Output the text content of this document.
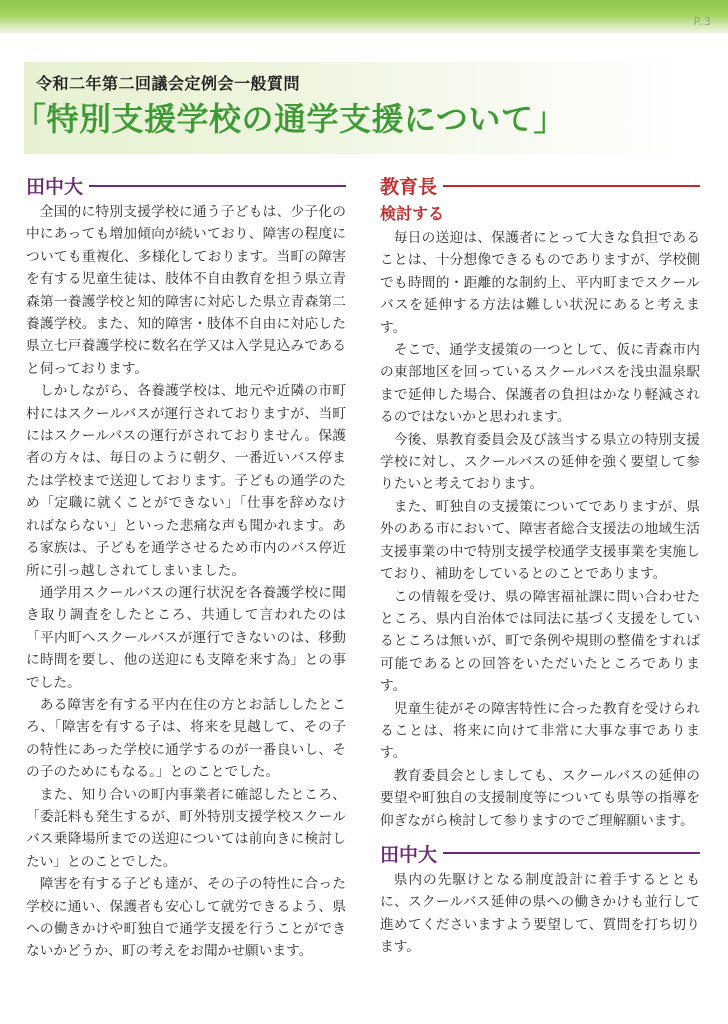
P.3
令和二年第二回議会定例会一般質問
「特別支援学校の通学支援について」
田中大

全国的に特別支援学校に通う子どもは、少子化の中にあっても増加傾向が続いており、障害の程度についても重複化、多様化しております。当町の障害を有する児童生徒は、肢体不自由教育を担う県立青森第一養護学校と知的障害に対応した県立青森第二養護学校。また、知的障害・肢体不自由に対応した県立七戸養護学校に数名在学又は入学見込みであると伺っております。

しかしながら、各養護学校は、地元や近隣の市町村にはスクールバスが運行されておりますが、当町にはスクールバスの運行がされておりません。保護者の方々は、毎日のように朝夕、一番近いバス停または学校まで送迎しております。子どもの通学のため「定職に就くことができない」「仕事を辞めなければならない」といった悲痛な声も聞かれます。ある家族は、子どもを通学させるため市内のバス停近所に引っ越しされてしまいました。

通学用スクールバスの運行状況を各養護学校に聞き取り調査をしたところ、共通して言われたのは「平内町へスクールバスが運行できないのは、移動に時間を要し、他の送迎にも支障を来す為」との事でした。

ある障害を有する平内在住の方とお話ししたところ、「障害を有する子は、将来を見越して、その子の特性にあった学校に通学するのが一番良いし、その子のためにもなる。」とのことでした。

また、知り合いの町内事業者に確認したところ、「委託料も発生するが、町外特別支援学校スクールバス乗降場所までの送迎については前向きに検討したい」とのことでした。

障害を有する子ども達が、その子の特性に合った学校に通い、保護者も安心して就労できるよう、県への働きかけや町独自で通学支援を行うことができないかどうか、町の考えをお聞かせ願います。

教育長
検討する

毎日の送迎は、保護者にとって大きな負担であることは、十分想像できるものでありますが、学校側でも時間的・距離的な制約上、平内町までスクールバスを延伸する方法は難しい状況にあると考えます。

そこで、通学支援策の一つとして、仮に青森市内の東部地区を回っているスクールバスを浅虫温泉駅まで延伸した場合、保護者の負担はかなり軽減されるのではないかと思われます。

今後、県教育委員会及び該当する県立の特別支援学校に対し、スクールバスの延伸を強く要望して参りたいと考えております。

また、町独自の支援策についてでありますが、県外のある市において、障害者総合支援法の地域生活支援事業の中で特別支援学校通学支援事業を実施しており、補助をしているとのことであります。

この情報を受け、県の障害福祉課に問い合わせたところ、県内自治体では同法に基づく支援をしているところは無いが、町で条例や規則の整備をすれば可能であるとの回答をいただいたところであります。

児童生徒がその障害特性に合った教育を受けられることは、将来に向けて非常に大事な事であります。

教育委員会としましても、スクールバスの延伸の要望や町独自の支援制度等についても県等の指導を仰ぎながら検討して参りますのでご理解願います。

田中大

県内の先駆けとなる制度設計に着手するとともに、スクールバス延伸の県への働きかけも並行して進めてくださいますよう要望して、質問を打ち切ります。
